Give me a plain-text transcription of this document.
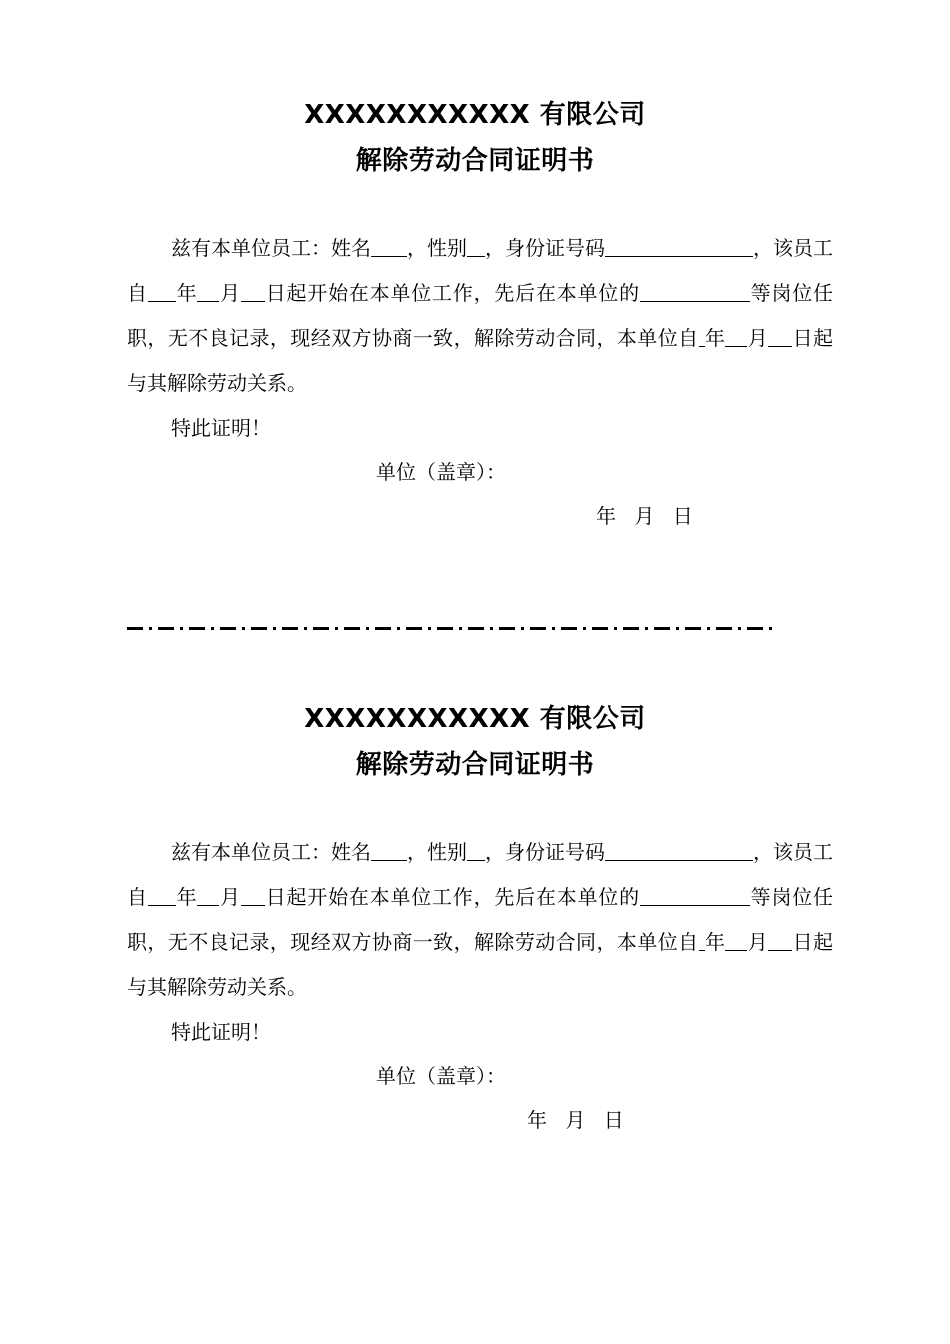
XXXXXXXXXXX 有限公司
解除劳动合同证明书

兹有本单位员工：姓名 ，性别 ，身份证号码	，该员工自 年 月 日起开始在本单位工作，先后在本单位的	等岗位任职，无不良记录，现经双方协商一致，解除劳动合同，本单位自 年 月 日起与其解除劳动关系。

特此证明！

单位（盖章）：
年 月 日
XXXXXXXXXXX 有限公司
解除劳动合同证明书

兹有本单位员工：姓名 ，性别 ，身份证号码	，该员工自 年 月 日起开始在本单位工作，先后在本单位的	等岗位任职，无不良记录，现经双方协商一致，解除劳动合同，本单位自 年 月 日起与其解除劳动关系。

特此证明！

单位（盖章）：
年 月 日
